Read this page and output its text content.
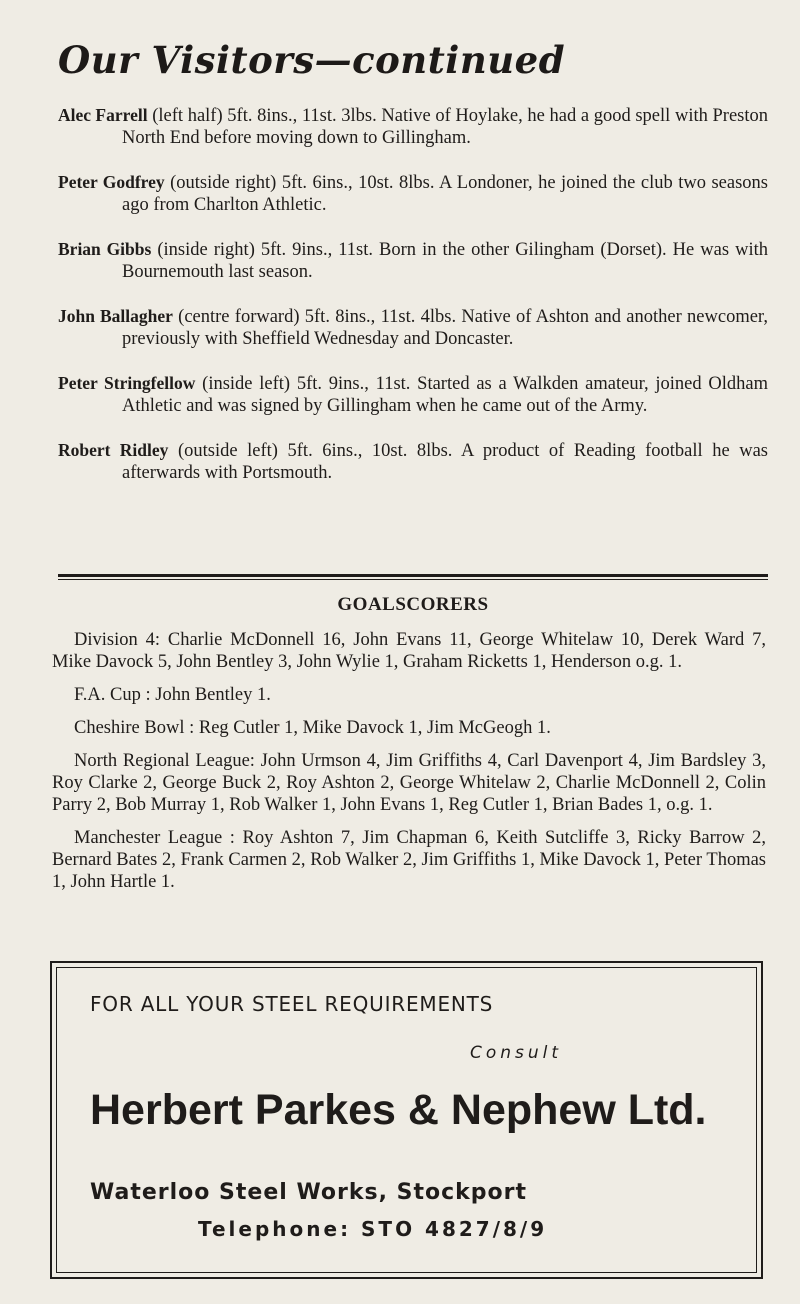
Our Visitors—continued

Alec Farrell (left half) 5ft. 8ins., 11st. 3lbs. Native of Hoylake, he had a good spell with Preston North End before moving down to Gillingham.

Peter Godfrey (outside right) 5ft. 6ins., 10st. 8lbs. A Londoner, he joined the club two seasons ago from Charlton Athletic.

Brian Gibbs (inside right) 5ft. 9ins., 11st. Born in the other Gilingham (Dorset). He was with Bournemouth last season.

John Ballagher (centre forward) 5ft. 8ins., 11st. 4lbs. Native of Ashton and another newcomer, previously with Sheffield Wednesday and Doncaster.

Peter Stringfellow (inside left) 5ft. 9ins., 11st. Started as a Walkden amateur, joined Oldham Athletic and was signed by Gillingham when he came out of the Army.

Robert Ridley (outside left) 5ft. 6ins., 10st. 8lbs. A product of Reading football he was afterwards with Portsmouth.

GOALSCORERS

Division 4: Charlie McDonnell 16, John Evans 11, George Whitelaw 10, Derek Ward 7, Mike Davock 5, John Bentley 3, John Wylie 1, Graham Ricketts 1, Henderson o.g. 1.

F.A. Cup : John Bentley 1.

Cheshire Bowl : Reg Cutler 1, Mike Davock 1, Jim McGeogh 1.

North Regional League: John Urmson 4, Jim Griffiths 4, Carl Davenport 4, Jim Bardsley 3, Roy Clarke 2, George Buck 2, Roy Ashton 2, George Whitelaw 2, Charlie McDonnell 2, Colin Parry 2, Bob Murray 1, Rob Walker 1, John Evans 1, Reg Cutler 1, Brian Bades 1, o.g. 1.

Manchester League : Roy Ashton 7, Jim Chapman 6, Keith Sutcliffe 3, Ricky Barrow 2, Bernard Bates 2, Frank Carmen 2, Rob Walker 2, Jim Griffiths 1, Mike Davock 1, Peter Thomas 1, John Hartle 1.

FOR ALL YOUR STEEL REQUIREMENTS

Consult

Herbert Parkes & Nephew Ltd.

Waterloo Steel Works, Stockport

Telephone: STO 4827/8/9
